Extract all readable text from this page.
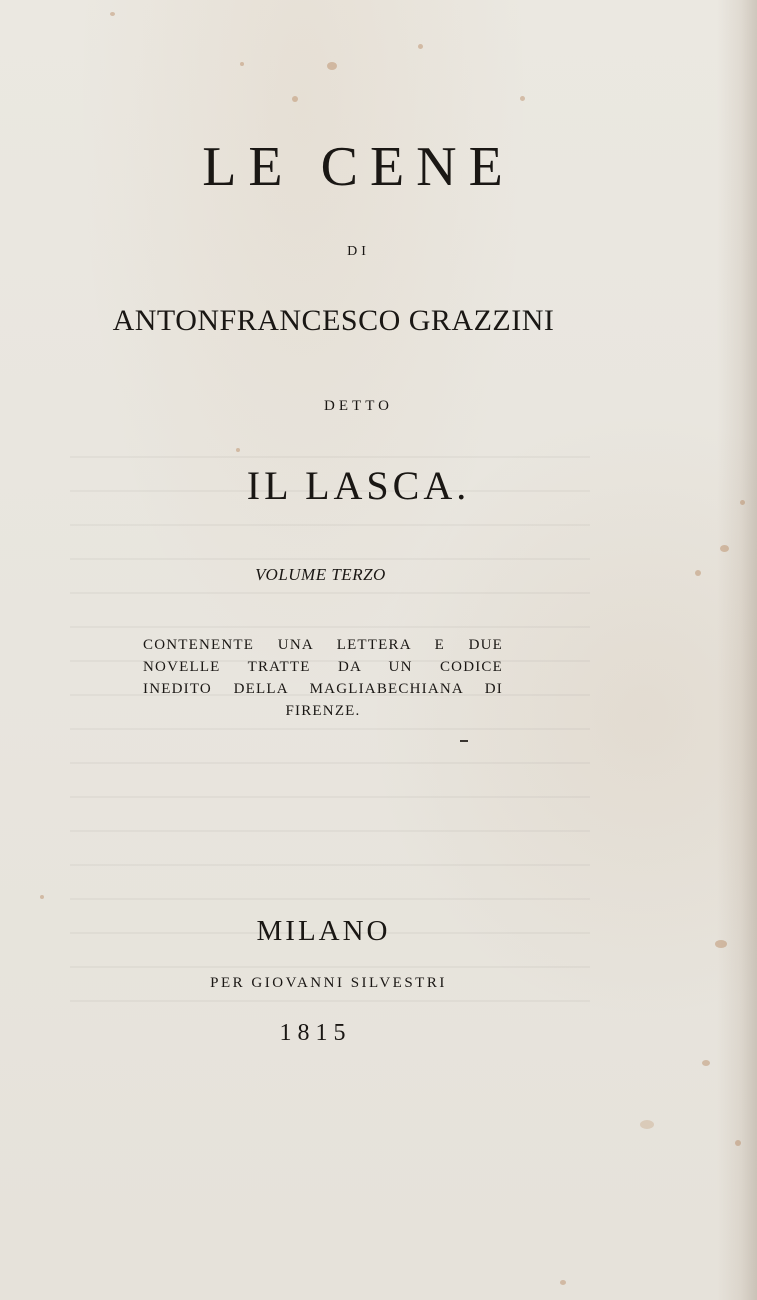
LE CENE
DI
ANTONFRANCESCO GRAZZINI
DETTO
IL LASCA.
VOLUME TERZO
CONTENENTE UNA LETTERA E DUE
NOVELLE TRATTE DA UN CODICE
INEDITO DELLA MAGLIABECHIANA DI
FIRENZE.
MILANO
PER GIOVANNI SILVESTRI
1815
